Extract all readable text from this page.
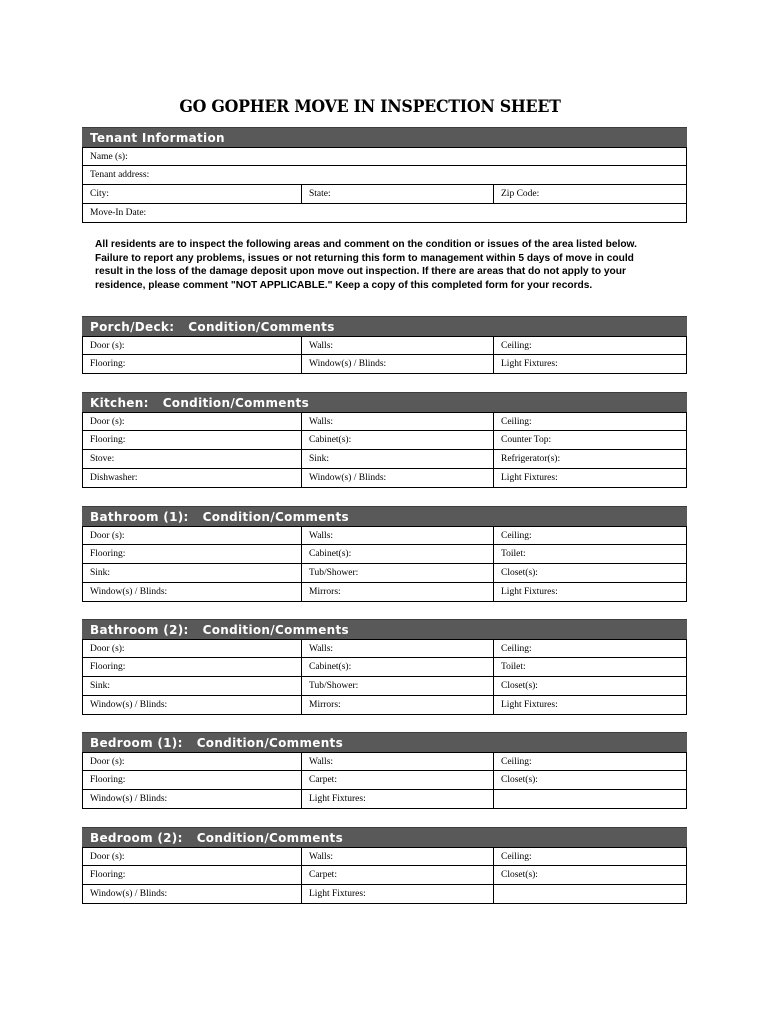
GO GOPHER MOVE IN INSPECTION SHEET
Tenant Information
Name (s):
Tenant address:
City:	State:	Zip Code:
Move-In Date:
All residents are to inspect the following areas and comment on the condition or issues of the area listed below.
Failure to report any problems, issues or not returning this form to management within 5 days of move in could
result in the loss of the damage deposit upon move out inspection. If there are areas that do not apply to your
residence, please comment "NOT APPLICABLE." Keep a copy of this completed form for your records.
Porch/Deck: Condition/Comments
Door (s):	Walls:	Ceiling:
Flooring:	Window(s) / Blinds:	Light Fixtures:
Kitchen: Condition/Comments
Door (s):	Walls:	Ceiling:
Flooring:	Cabinet(s):	Counter Top:
Stove:	Sink:	Refrigerator(s):
Dishwasher:	Window(s) / Blinds:	Light Fixtures:
Bathroom (1): Condition/Comments
Door (s):	Walls:	Ceiling:
Flooring:	Cabinet(s):	Toilet:
Sink:	Tub/Shower:	Closet(s):
Window(s) / Blinds:	Mirrors:	Light Fixtures:
Bathroom (2): Condition/Comments
Door (s):	Walls:	Ceiling:
Flooring:	Cabinet(s):	Toilet:
Sink:	Tub/Shower:	Closet(s):
Window(s) / Blinds:	Mirrors:	Light Fixtures:
Bedroom (1): Condition/Comments
Door (s):	Walls:	Ceiling:
Flooring:	Carpet:	Closet(s):
Window(s) / Blinds:	Light Fixtures:
Bedroom (2): Condition/Comments
Door (s):	Walls:	Ceiling:
Flooring:	Carpet:	Closet(s):
Window(s) / Blinds:	Light Fixtures:
